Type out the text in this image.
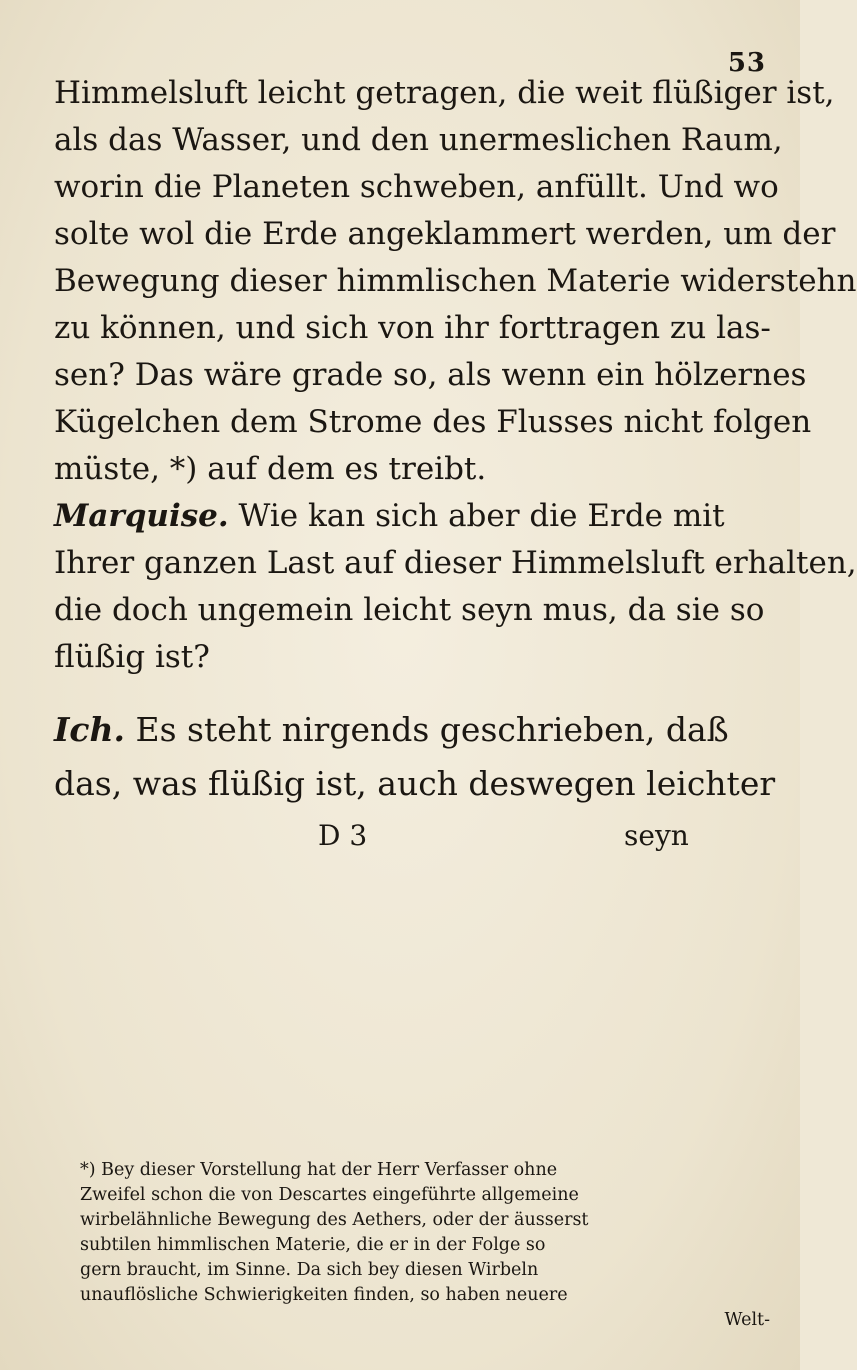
53
Himmelsluft leicht getragen, die weit flüßiger ist,
als das Wasser, und den unermeslichen Raum,
worin die Planeten schweben, anfüllt. Und wo
solte wol die Erde angeklammert werden, um der
Bewegung dieser himmlischen Materie widerstehn
zu können, und sich von ihr forttragen zu las-
sen? Das wäre grade so, als wenn ein hölzernes
Kügelchen dem Strome des Flusses nicht folgen
müste, *) auf dem es treibt.
Marquise. Wie kan sich aber die Erde mit
Ihrer ganzen Last auf dieser Himmelsluft erhalten,
die doch ungemein leicht seyn mus, da sie so
flüßig ist?
Ich. Es steht nirgends geschrieben, daß
das, was flüßig ist, auch deswegen leichter
D 3	seyn
*) Bey dieser Vorstellung hat der Herr Verfasser ohne
Zweifel schon die von Descartes eingeführte allgemeine
wirbelähnliche Bewegung des Aethers, oder der äusserst
subtilen himmlischen Materie, die er in der Folge so
gern braucht, im Sinne. Da sich bey diesen Wirbeln
unauflösliche Schwierigkeiten finden, so haben neuere
Welt-
